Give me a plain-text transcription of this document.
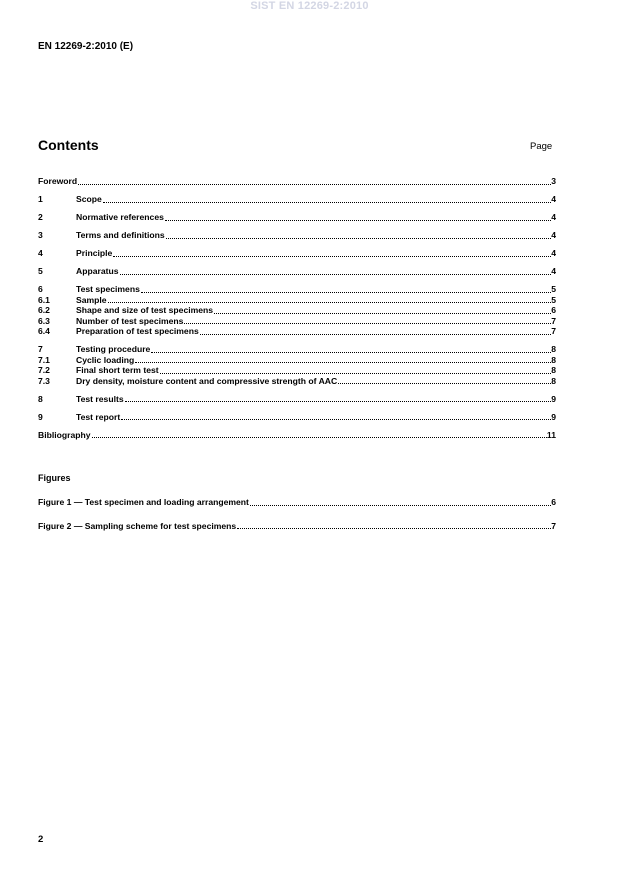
SIST EN 12269-2:2010
EN 12269-2:2010 (E)
Contents	Page
Foreword	3
1	Scope	4
2	Normative references	4
3	Terms and definitions	4
4	Principle	4
5	Apparatus	4
6	Test specimens	5
6.1	Sample	5
6.2	Shape and size of test specimens	6
6.3	Number of test specimens	7
6.4	Preparation of test specimens	7
7	Testing procedure	8
7.1	Cyclic loading	8
7.2	Final short term test	8
7.3	Dry density, moisture content and compressive strength of AAC	8
8	Test results	9
9	Test report	9
Bibliography	11
Figures
Figure 1 — Test specimen and loading arrangement	6
Figure 2 — Sampling scheme for test specimens	7
2
